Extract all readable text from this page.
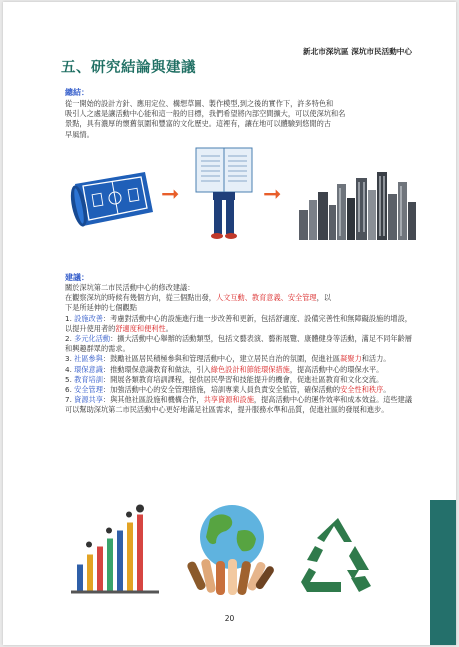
新北市深坑區 深坑市民活動中心
五、研究結論與建議
總結：
從一開始的設計方針、應用定位、構想草圖、製作模型,到之後的實作下，許多特色和
吸引人之處是讓活動中心能和這一般的目標，我們希望將內部空間擴大，可以使深坑和名
景點，具有濃厚的懷舊氛圍和豐富的文化歷史。這裡有，讓在地可以體驗到悠閒的古
早風情。
➞	➞
建議：
關於深坑第二市民活動中心的修改建議：
在觀察深坑的時候有幾個方向，從三個點出發，人文互動、教育意義、安全管理，以
下是所延伸的七個觀點
1. 設施改善：考慮對活動中心的設施進行進一步改善和更新，包括舒適度、設備完善性和無障礙設施的增設，以提升使用者的舒適度和便利性。
2. 多元化活動：擴大活動中心舉辦的活動類型，包括文藝表演、藝術展覽、康體健身等活動，滿足不同年齡層和興趣群眾的需求。
3. 社區參與：鼓勵社區居民積極參與和管理活動中心，建立居民自治的氛圍，促進社區凝聚力和活力。
4. 環保意識：推動環保意識教育和做法，引入綠色設計和節能環保措施，提高活動中心的環保水平。
5. 教育培訓：開展各類教育培訓課程，提供居民學習和技能提升的機會，促進社區教育和文化交流。
6. 安全管理：加強活動中心的安全管理措施，培訓專業人員負責安全監管，確保活動的安全性和秩序。
7. 資源共享：與其他社區設施和機構合作，共享資源和設施，提高活動中心的運作效率和成本效益。這些建議可以幫助深坑第二市民活動中心更好地滿足社區需求，提升服務水準和品質，促進社區的發展和進步。
20
